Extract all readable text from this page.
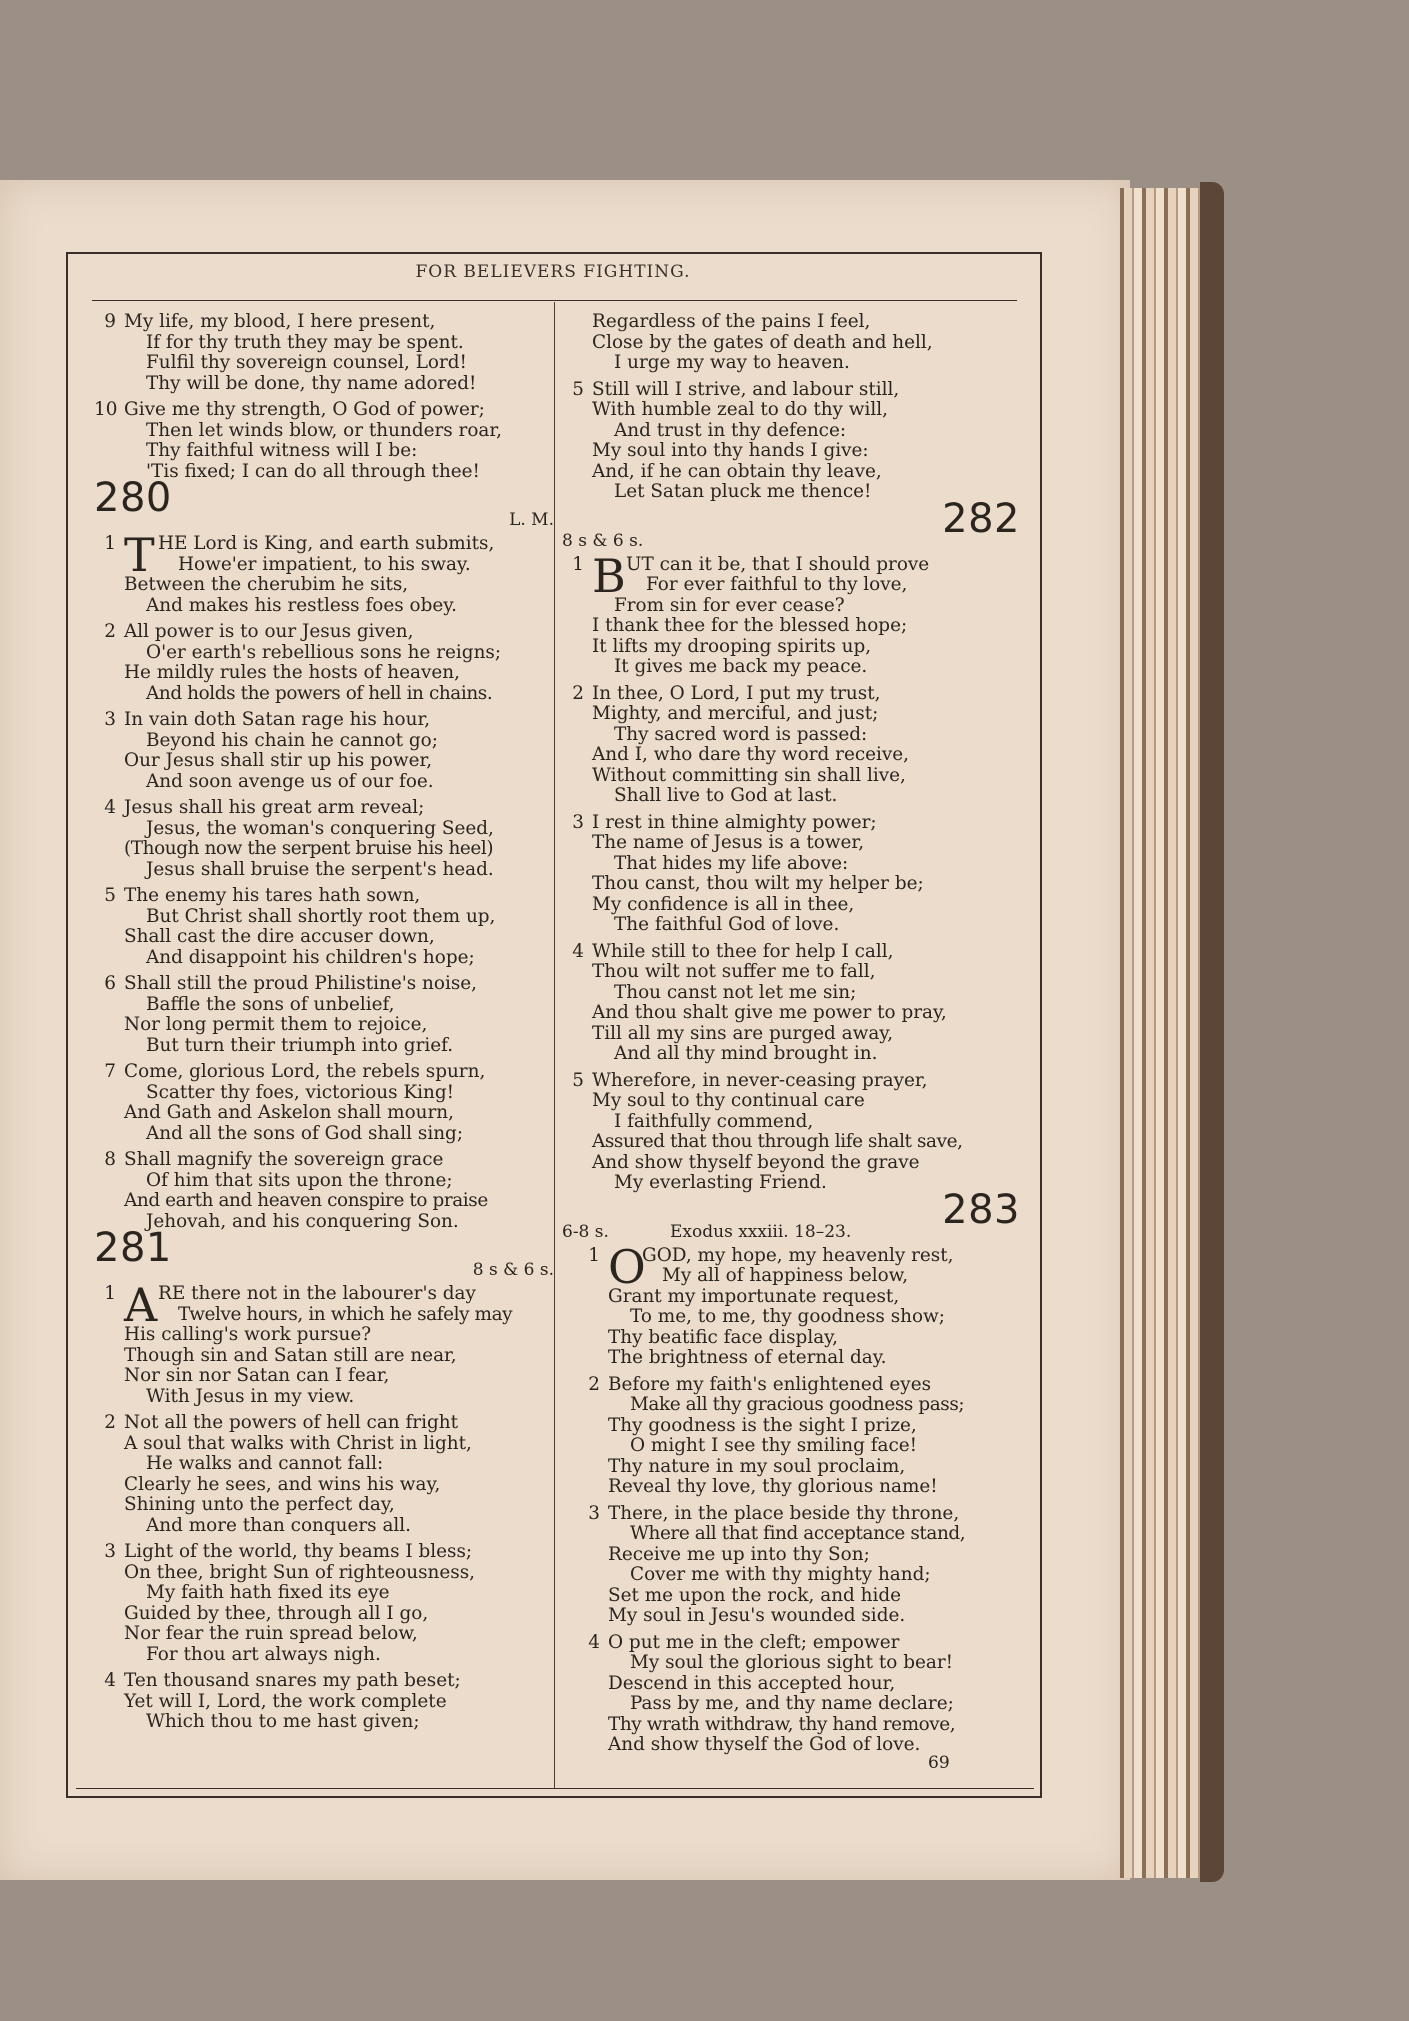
FOR BELIEVERS FIGHTING.
9 My life, my blood, I here present,
If for thy truth they may be spent.
Fulfil thy sovereign counsel, Lord!
Thy will be done, thy name adored!
10 Give me thy strength, O God of power;
Then let winds blow, or thunders roar,
Thy faithful witness will I be:
'Tis fixed; I can do all through thee!
280	L. M.
1 T HE Lord is King, and earth submits,
Howe'er impatient, to his sway.
Between the cherubim he sits,
And makes his restless foes obey.
2 All power is to our Jesus given,
O'er earth's rebellious sons he reigns;
He mildly rules the hosts of heaven,
And holds the powers of hell in chains.
3 In vain doth Satan rage his hour,
Beyond his chain he cannot go;
Our Jesus shall stir up his power,
And soon avenge us of our foe.
4 Jesus shall his great arm reveal;
Jesus, the woman's conquering Seed,
(Though now the serpent bruise his heel)
Jesus shall bruise the serpent's head.
5 The enemy his tares hath sown,
But Christ shall shortly root them up,
Shall cast the dire accuser down,
And disappoint his children's hope;
6 Shall still the proud Philistine's noise,
Baffle the sons of unbelief,
Nor long permit them to rejoice,
But turn their triumph into grief.
7 Come, glorious Lord, the rebels spurn,
Scatter thy foes, victorious King!
And Gath and Askelon shall mourn,
And all the sons of God shall sing;
8 Shall magnify the sovereign grace
Of him that sits upon the throne;
And earth and heaven conspire to praise
Jehovah, and his conquering Son.
281	8 s & 6 s.
1 A RE there not in the labourer's day
Twelve hours, in which he safely may
His calling's work pursue?
Though sin and Satan still are near,
Nor sin nor Satan can I fear,
With Jesus in my view.
2 Not all the powers of hell can fright
A soul that walks with Christ in light,
He walks and cannot fall:
Clearly he sees, and wins his way,
Shining unto the perfect day,
And more than conquers all.
3 Light of the world, thy beams I bless;
On thee, bright Sun of righteousness,
My faith hath fixed its eye
Guided by thee, through all I go,
Nor fear the ruin spread below,
For thou art always nigh.
4 Ten thousand snares my path beset;
Yet will I, Lord, the work complete
Which thou to me hast given;
Regardless of the pains I feel,
Close by the gates of death and hell,
I urge my way to heaven.
5 Still will I strive, and labour still,
With humble zeal to do thy will,
And trust in thy defence:
My soul into thy hands I give:
And, if he can obtain thy leave,
Let Satan pluck me thence!
8 s & 6 s.	282
1 B UT can it be, that I should prove
For ever faithful to thy love,
From sin for ever cease?
I thank thee for the blessed hope;
It lifts my drooping spirits up,
It gives me back my peace.
2 In thee, O Lord, I put my trust,
Mighty, and merciful, and just;
Thy sacred word is passed:
And I, who dare thy word receive,
Without committing sin shall live,
Shall live to God at last.
3 I rest in thine almighty power;
The name of Jesus is a tower,
That hides my life above:
Thou canst, thou wilt my helper be;
My confidence is all in thee,
The faithful God of love.
4 While still to thee for help I call,
Thou wilt not suffer me to fall,
Thou canst not let me sin;
And thou shalt give me power to pray,
Till all my sins are purged away,
And all thy mind brought in.
5 Wherefore, in never-ceasing prayer,
My soul to thy continual care
I faithfully commend,
Assured that thou through life shalt save,
And show thyself beyond the grave
My everlasting Friend.
6-8 s.	Exodus xxxiii. 18–23. 283
1 O
GOD, my hope, my heavenly rest,
My all of happiness below,
Grant my importunate request,
To me, to me, thy goodness show;
Thy beatific face display,
The brightness of eternal day.
2 Before my faith's enlightened eyes
Make all thy gracious goodness pass;
Thy goodness is the sight I prize,
O might I see thy smiling face!
Thy nature in my soul proclaim,
Reveal thy love, thy glorious name!
3 There, in the place beside thy throne,
Where all that find acceptance stand,
Receive me up into thy Son;
Cover me with thy mighty hand;
Set me upon the rock, and hide
My soul in Jesu's wounded side.
4 O put me in the cleft; empower
My soul the glorious sight to bear!
Descend in this accepted hour,
Pass by me, and thy name declare;
Thy wrath withdraw, thy hand remove,
And show thyself the God of love.
69
